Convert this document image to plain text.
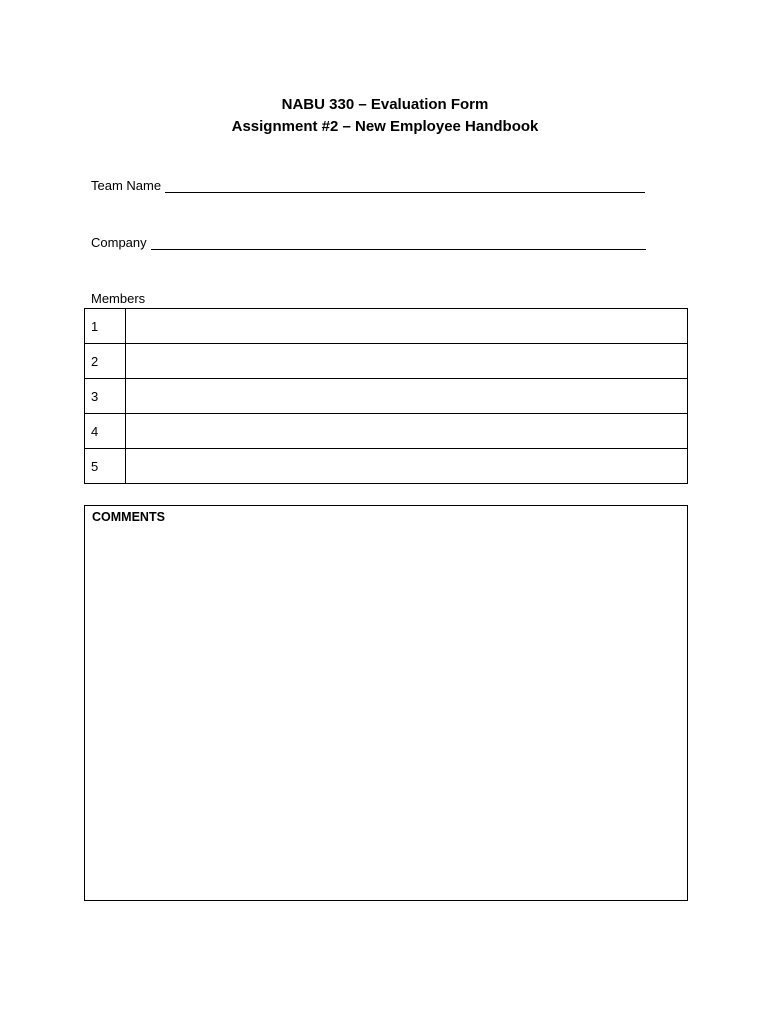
NABU 330 – Evaluation Form
Assignment #2 – New Employee Handbook
Team Name
Company
Members
1	
2	
3	
4	
5	
COMMENTS
